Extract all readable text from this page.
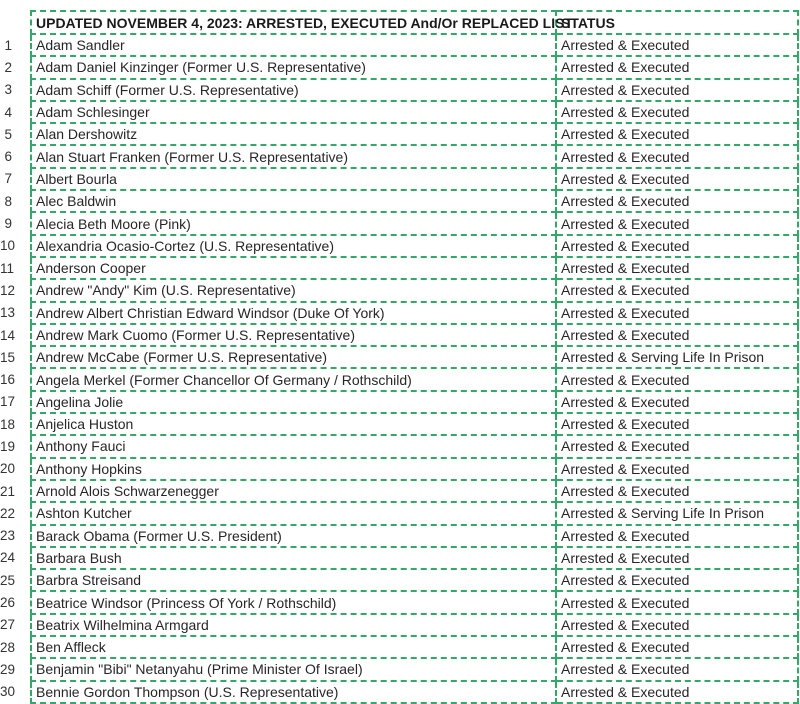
	UPDATED NOVEMBER 4, 2023: ARRESTED, EXECUTED And/Or REPLACED LIST	STATUS
1	Adam Sandler	Arrested & Executed
2	Adam Daniel Kinzinger (Former U.S. Representative)	Arrested & Executed
3	Adam Schiff (Former U.S. Representative)	Arrested & Executed
4	Adam Schlesinger	Arrested & Executed
5	Alan Dershowitz	Arrested & Executed
6	Alan Stuart Franken (Former U.S. Representative)	Arrested & Executed
7	Albert Bourla	Arrested & Executed
8	Alec Baldwin	Arrested & Executed
9	Alecia Beth Moore (Pink)	Arrested & Executed
10	Alexandria Ocasio-Cortez (U.S. Representative)	Arrested & Executed
11	Anderson Cooper	Arrested & Executed
12	Andrew "Andy" Kim (U.S. Representative)	Arrested & Executed
13	Andrew Albert Christian Edward Windsor (Duke Of York)	Arrested & Executed
14	Andrew Mark Cuomo (Former U.S. Representative)	Arrested & Executed
15	Andrew McCabe (Former U.S. Representative)	Arrested & Serving Life In Prison
16	Angela Merkel (Former Chancellor Of Germany / Rothschild)	Arrested & Executed
17	Angelina Jolie	Arrested & Executed
18	Anjelica Huston	Arrested & Executed
19	Anthony Fauci	Arrested & Executed
20	Anthony Hopkins	Arrested & Executed
21	Arnold Alois Schwarzenegger	Arrested & Executed
22	Ashton Kutcher	Arrested & Serving Life In Prison
23	Barack Obama (Former U.S. President)	Arrested & Executed
24	Barbara Bush	Arrested & Executed
25	Barbra Streisand	Arrested & Executed
26	Beatrice Windsor (Princess Of York / Rothschild)	Arrested & Executed
27	Beatrix Wilhelmina Armgard	Arrested & Executed
28	Ben Affleck	Arrested & Executed
29	Benjamin "Bibi" Netanyahu (Prime Minister Of Israel)	Arrested & Executed
30	Bennie Gordon Thompson (U.S. Representative)	Arrested & Executed
